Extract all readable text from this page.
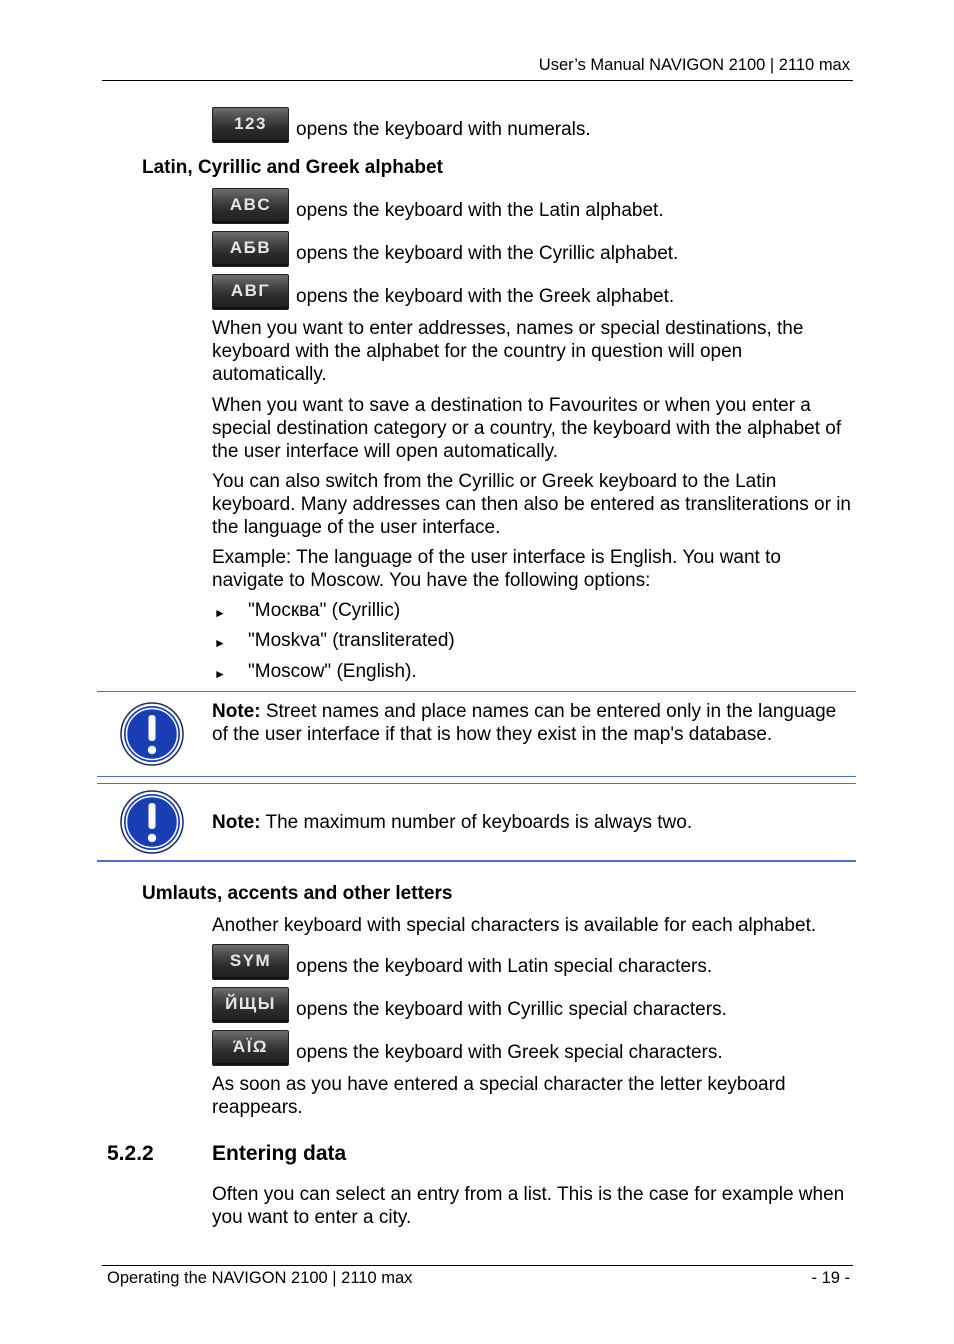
User’s Manual NAVIGON 2100 | 2110 max
123	opens the keyboard with numerals.
Latin, Cyrillic and Greek alphabet
ABC	opens the keyboard with the Latin alphabet.
АБВ	opens the keyboard with the Cyrillic alphabet.
ΑΒΓ	opens the keyboard with the Greek alphabet.
When you want to enter addresses, names or special destinations, the keyboard with the alphabet for the country in question will open automatically.
When you want to save a destination to Favourites or when you enter a special destination category or a country, the keyboard with the alphabet of the user interface will open automatically.
You can also switch from the Cyrillic or Greek keyboard to the Latin keyboard. Many addresses can then also be entered as transliterations or in the language of the user interface.
Example: The language of the user interface is English. You want to navigate to Moscow. You have the following options:
► "Москва" (Cyrillic)
► "Moskva" (transliterated)
► "Moscow" (English).
Note: Street names and place names can be entered only in the language of the user interface if that is how they exist in the map's database.
Note: The maximum number of keyboards is always two.
Umlauts, accents and other letters
Another keyboard with special characters is available for each alphabet.
SYM	opens the keyboard with Latin special characters.
ЙЩЫ	opens the keyboard with Cyrillic special characters.
ΆΪΩ	opens the keyboard with Greek special characters.
As soon as you have entered a special character the letter keyboard reappears.
5.2.2	Entering data
Often you can select an entry from a list. This is the case for example when you want to enter a city.
Operating the NAVIGON 2100 | 2110 max	- 19 -
